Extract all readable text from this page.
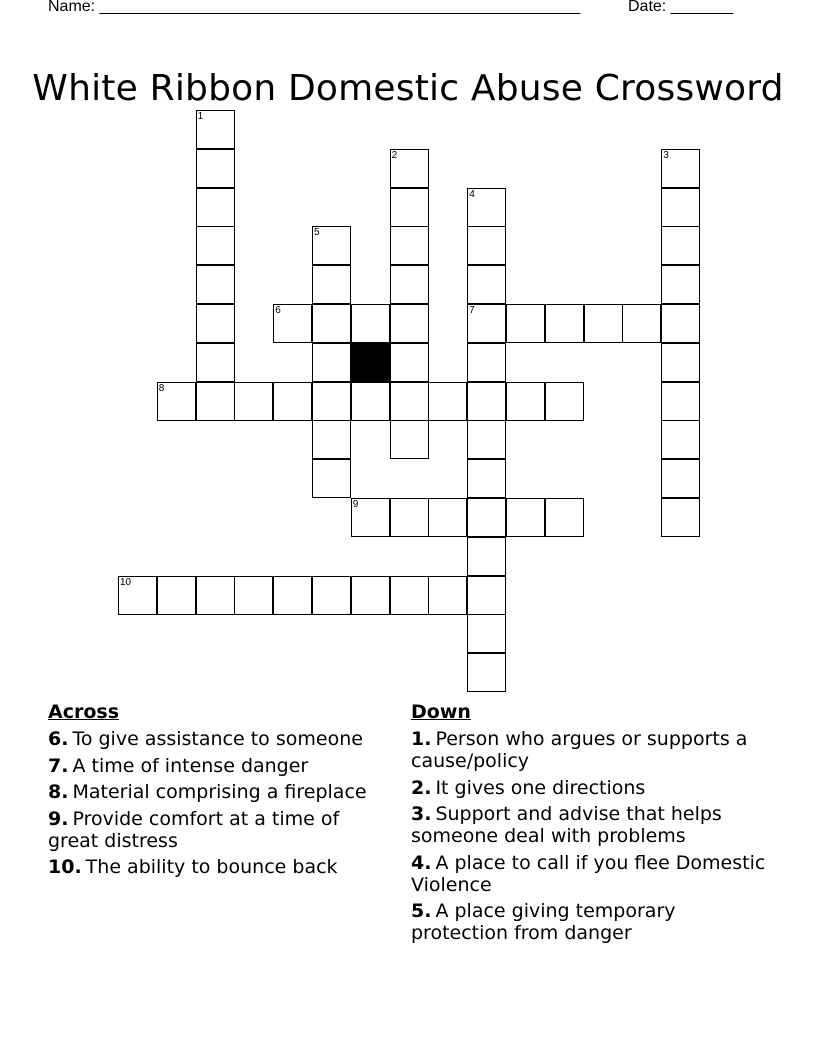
Name: ______________________________________________________	Date: _______
White Ribbon Domestic Abuse Crossword
1
2	3
4
7
5
6
8
9
10
Across
6. To give assistance to someone
7. A time of intense danger
8. Material comprising a fireplace
9. Provide comfort at a time of great distress
10. The ability to bounce back
Down
1. Person who argues or supports a cause/policy
2. It gives one directions
3. Support and advise that helps someone deal with problems
4. A place to call if you flee Domestic Violence
5. A place giving temporary protection from danger
